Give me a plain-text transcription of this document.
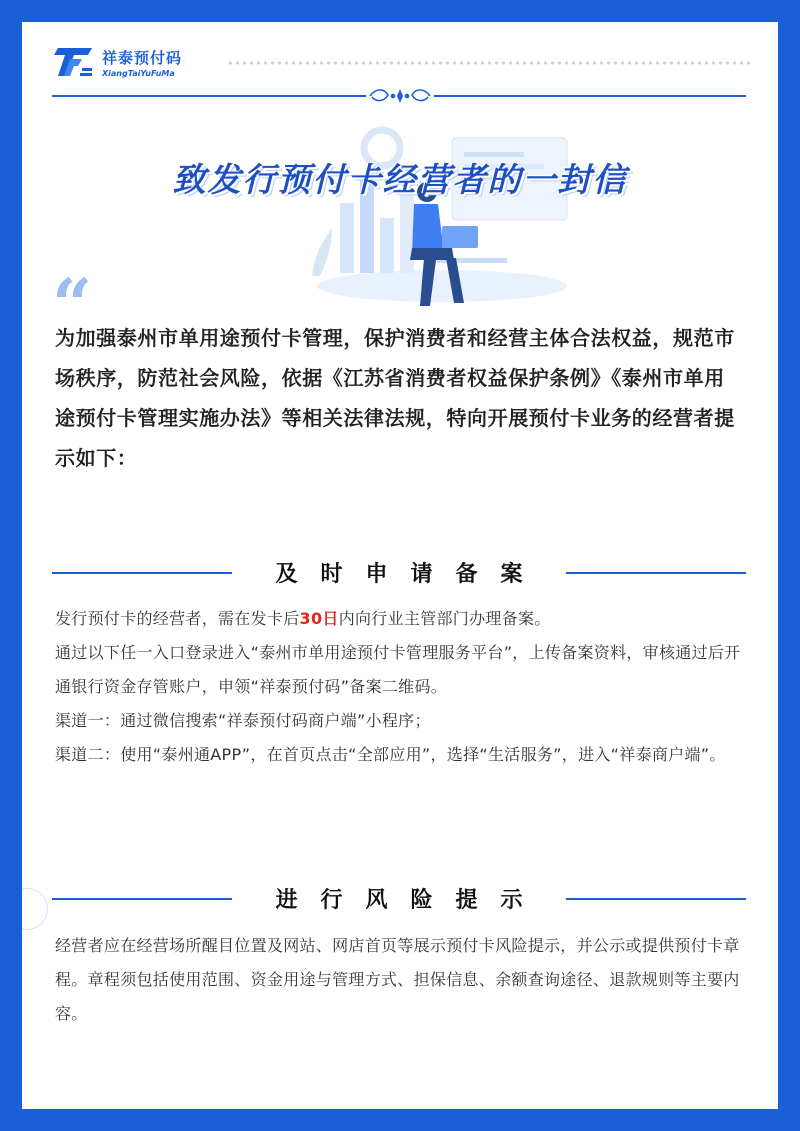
祥泰预付码
XiangTaiYuFuMa
致发行预付卡经营者的一封信
“
为加强泰州市单用途预付卡管理，保护消费者和经营主体合法权益，规范市场秩序，防范社会风险，依据《江苏省消费者权益保护条例》《泰州市单用途预付卡管理实施办法》等相关法律法规，特向开展预付卡业务的经营者提示如下：
及时申请备案

发行预付卡的经营者，需在发卡后30日内向行业主管部门办理备案。

通过以下任一入口登录进入“泰州市单用途预付卡管理服务平台”，上传备案资料，审核通过后开通银行资金存管账户，申领“祥泰预付码”备案二维码。

渠道一：通过微信搜索“祥泰预付码商户端”小程序；

渠道二：使用“泰州通APP”，在首页点击“全部应用”，选择“生活服务”，进入“祥泰商户端”。

进行风险提示
经营者应在经营场所醒目位置及网站、网店首页等展示预付卡风险提示，并公示或提供预付卡章程。章程须包括使用范围、资金用途与管理方式、担保信息、余额查询途径、退款规则等主要内容。
